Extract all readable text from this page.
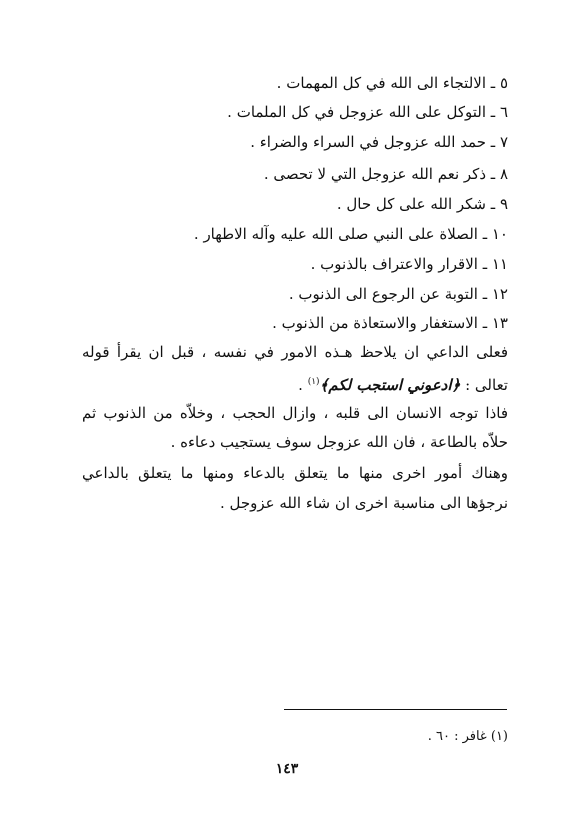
٥ ـ الالتجاء الى الله في كل المهمات .
٦ ـ التوكل على الله عزوجل في كل الملمات .
٧ ـ حمد الله عزوجل في السراء والضراء .
٨ ـ ذكر نعم الله عزوجل التي لا تحصى .
٩ ـ شكر الله على كل حال .
١٠ ـ الصلاة على النبي صلى الله عليه وآله الاطهار .
١١ ـ الاقرار والاعتراف بالذنوب .
١٢ ـ التوبة عن الرجوع الى الذنوب .
١٣ ـ الاستغفار والاستعاذة من الذنوب .
فعلى الداعي ان يلاحظ هـذه الامور في نفسه ، قبل ان يقرأ قوله
تعالى : ﴿ادعوني استجب لكم﴾$^{(١)}$ .
فاذا توجه الانسان الى قلبه ، وازال الحجب ، وخلاّه من الذنوب ثم
حلاّه بالطاعة ، فان الله عزوجل سوف يستجيب دعاءه .
وهناك أمور اخرى منها ما يتعلق بالدعاء ومنها ما يتعلق بالداعي
نرجؤها الى مناسبة اخرى ان شاء الله عزوجل .
(١) غافر : ٦٠ .
١٤٣
